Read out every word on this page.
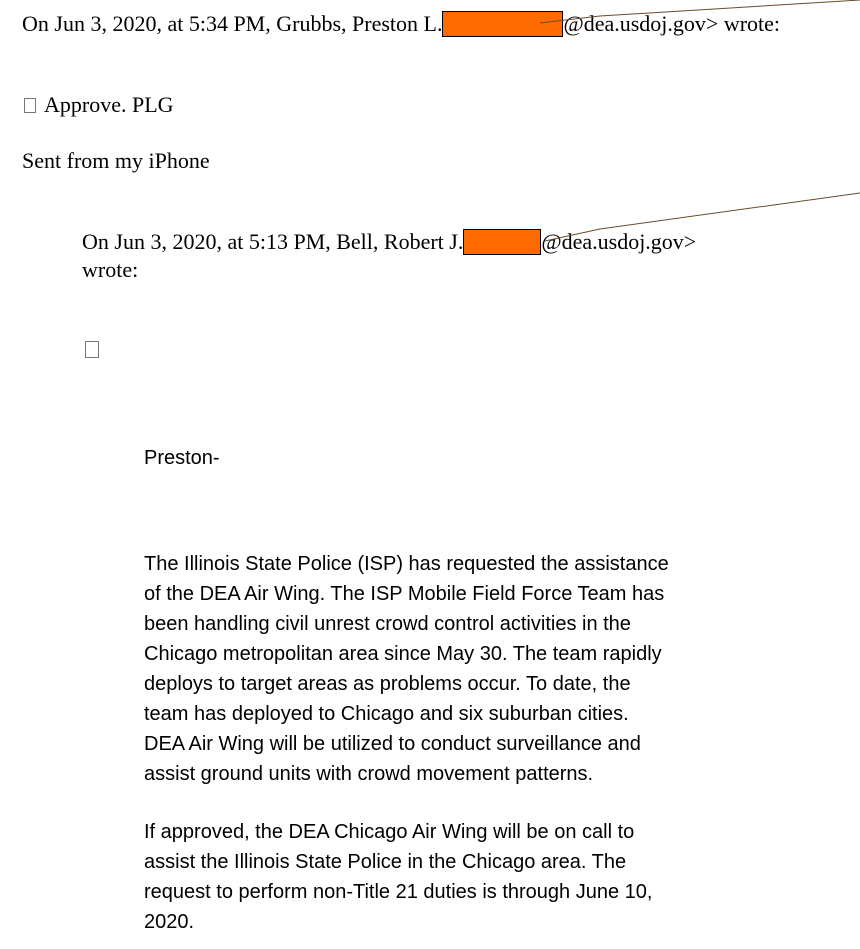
On Jun 3, 2020, at 5:34 PM, Grubbs, Preston L.	@dea.usdoj.gov> wrote:
Approve. PLG
Sent from my iPhone
On Jun 3, 2020, at 5:13 PM, Bell, Robert J.	@dea.usdoj.gov>
wrote:
Preston-

The Illinois State Police (ISP) has requested the assistance

of the DEA Air Wing. The ISP Mobile Field Force Team has

been handling civil unrest crowd control activities in the

Chicago metropolitan area since May 30. The team rapidly

deploys to target areas as problems occur. To date, the

team has deployed to Chicago and six suburban cities.

DEA Air Wing will be utilized to conduct surveillance and

assist ground units with crowd movement patterns.

If approved, the DEA Chicago Air Wing will be on call to

assist the Illinois State Police in the Chicago area. The

request to perform non-Title 21 duties is through June 10,

2020.
